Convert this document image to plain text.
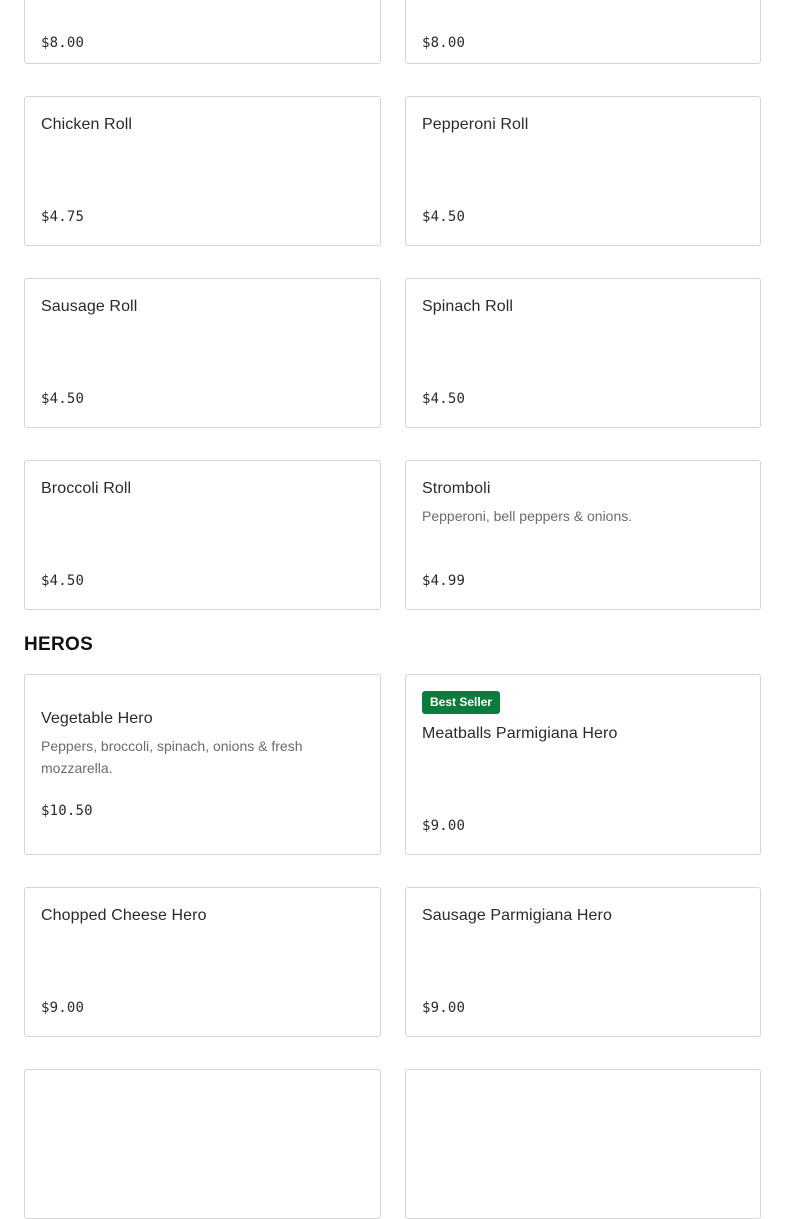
$8.00	$8.00
Chicken Roll
$4.75
Pepperoni Roll
$4.50
Sausage Roll
$4.50
Spinach Roll
$4.50
Broccoli Roll
$4.50
Stromboli
Pepperoni, bell peppers & onions.
$4.99
HEROS
Vegetable Hero
Peppers, broccoli, spinach, onions & fresh mozzarella.
$10.50
Best Seller
Meatballs Parmigiana Hero
$9.00
Chopped Cheese Hero
$9.00
Sausage Parmigiana Hero
$9.00
